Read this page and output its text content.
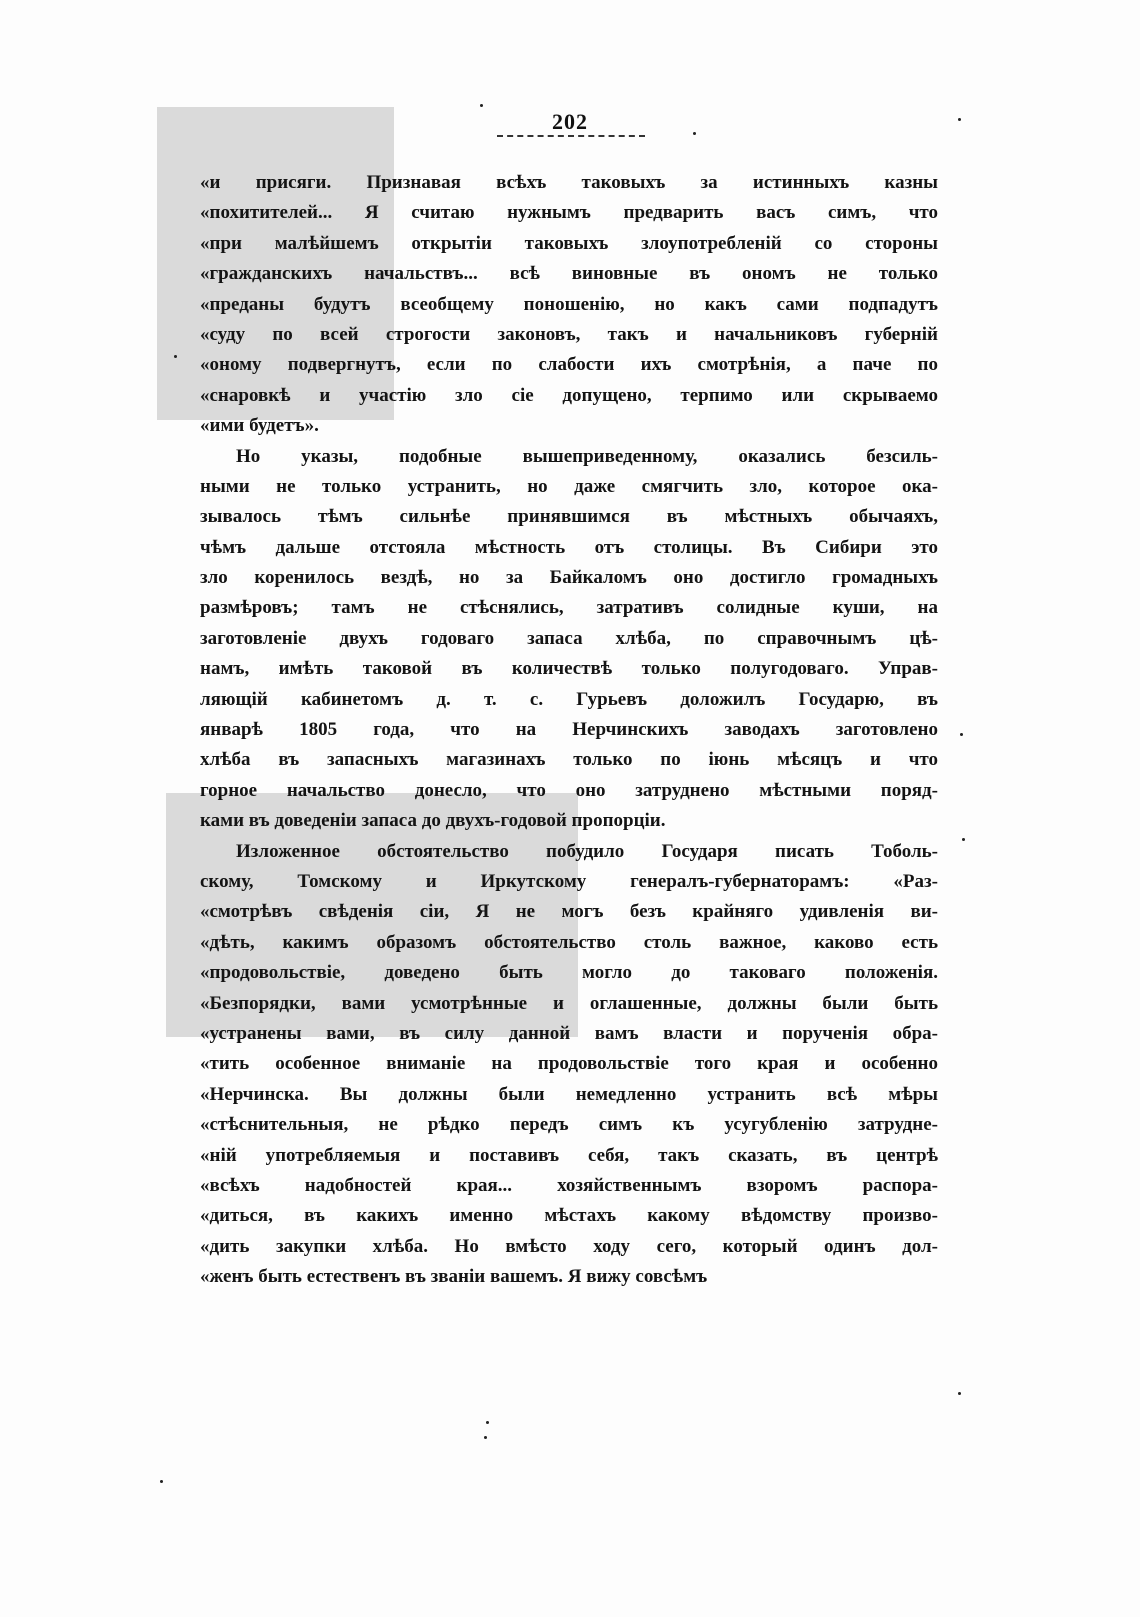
202
«и присяги. Признавая всѣхъ таковыхъ за истинныхъ казны
«похитителей... Я считаю нужнымъ предварить васъ симъ, что
«при малѣйшемъ открытіи таковыхъ злоупотребленій со стороны
«гражданскихъ начальствъ... всѣ виновные въ ономъ не только
«преданы будутъ всеобщему поношенію, но какъ сами подпадутъ
«суду по всей строгости законовъ, такъ и начальниковъ губерній
«оному подвергнутъ, если по слабости ихъ смотрѣнія, а паче по
«снаровкѣ и участію зло сіе допущено, терпимо или скрываемо
«ими будетъ».
Но указы, подобные вышеприведенному, оказались безсиль-
ными не только устранить, но даже смягчить зло, которое ока-
зывалось тѣмъ сильнѣе принявшимся въ мѣстныхъ обычаяхъ,
чѣмъ дальше отстояла мѣстность отъ столицы. Въ Сибири это
зло коренилось вездѣ, но за Байкаломъ оно достигло громадныхъ
размѣровъ; тамъ не стѣснялись, затративъ солидные куши, на
заготовленіе двухъ годоваго запаса хлѣба, по справочнымъ цѣ-
намъ, имѣть таковой въ количествѣ только полугодоваго. Управ-
ляющій кабинетомъ д. т. с. Гурьевъ доложилъ Государю, въ
январѣ 1805 года, что на Нерчинскихъ заводахъ заготовлено
хлѣба въ запасныхъ магазинахъ только по іюнь мѣсяцъ и что
горное начальство донесло, что оно затруднено мѣстными поряд-
ками въ доведеніи запаса до двухъ-годовой пропорціи.
Изложенное обстоятельство побудило Государя писать Тоболь-
скому, Томскому и Иркутскому генералъ-губернаторамъ: «Раз-
«смотрѣвъ свѣденія сіи, Я не могъ безъ крайняго удивленія ви-
«дѣть, какимъ образомъ обстоятельство столь важное, каково есть
«продовольствіе, доведено быть могло до таковаго положенія.
«Безпорядки, вами усмотрѣнные и оглашенные, должны были быть
«устранены вами, въ силу данной вамъ власти и порученія обра-
«тить особенное вниманіе на продовольствіе того края и особенно
«Нерчинска. Вы должны были немедленно устранить всѣ мѣры
«стѣснительныя, не рѣдко передъ симъ къ усугубленію затрудне-
«ній употребляемыя и поставивъ себя, такъ сказать, въ центрѣ
«всѣхъ надобностей края... хозяйственнымъ взоромъ распора-
«диться, въ какихъ именно мѣстахъ какому вѣдомству произво-
«дить закупки хлѣба. Но вмѣсто ходу сего, который одинъ дол-
«женъ быть естественъ въ званіи вашемъ. Я вижу совсѣмъ
